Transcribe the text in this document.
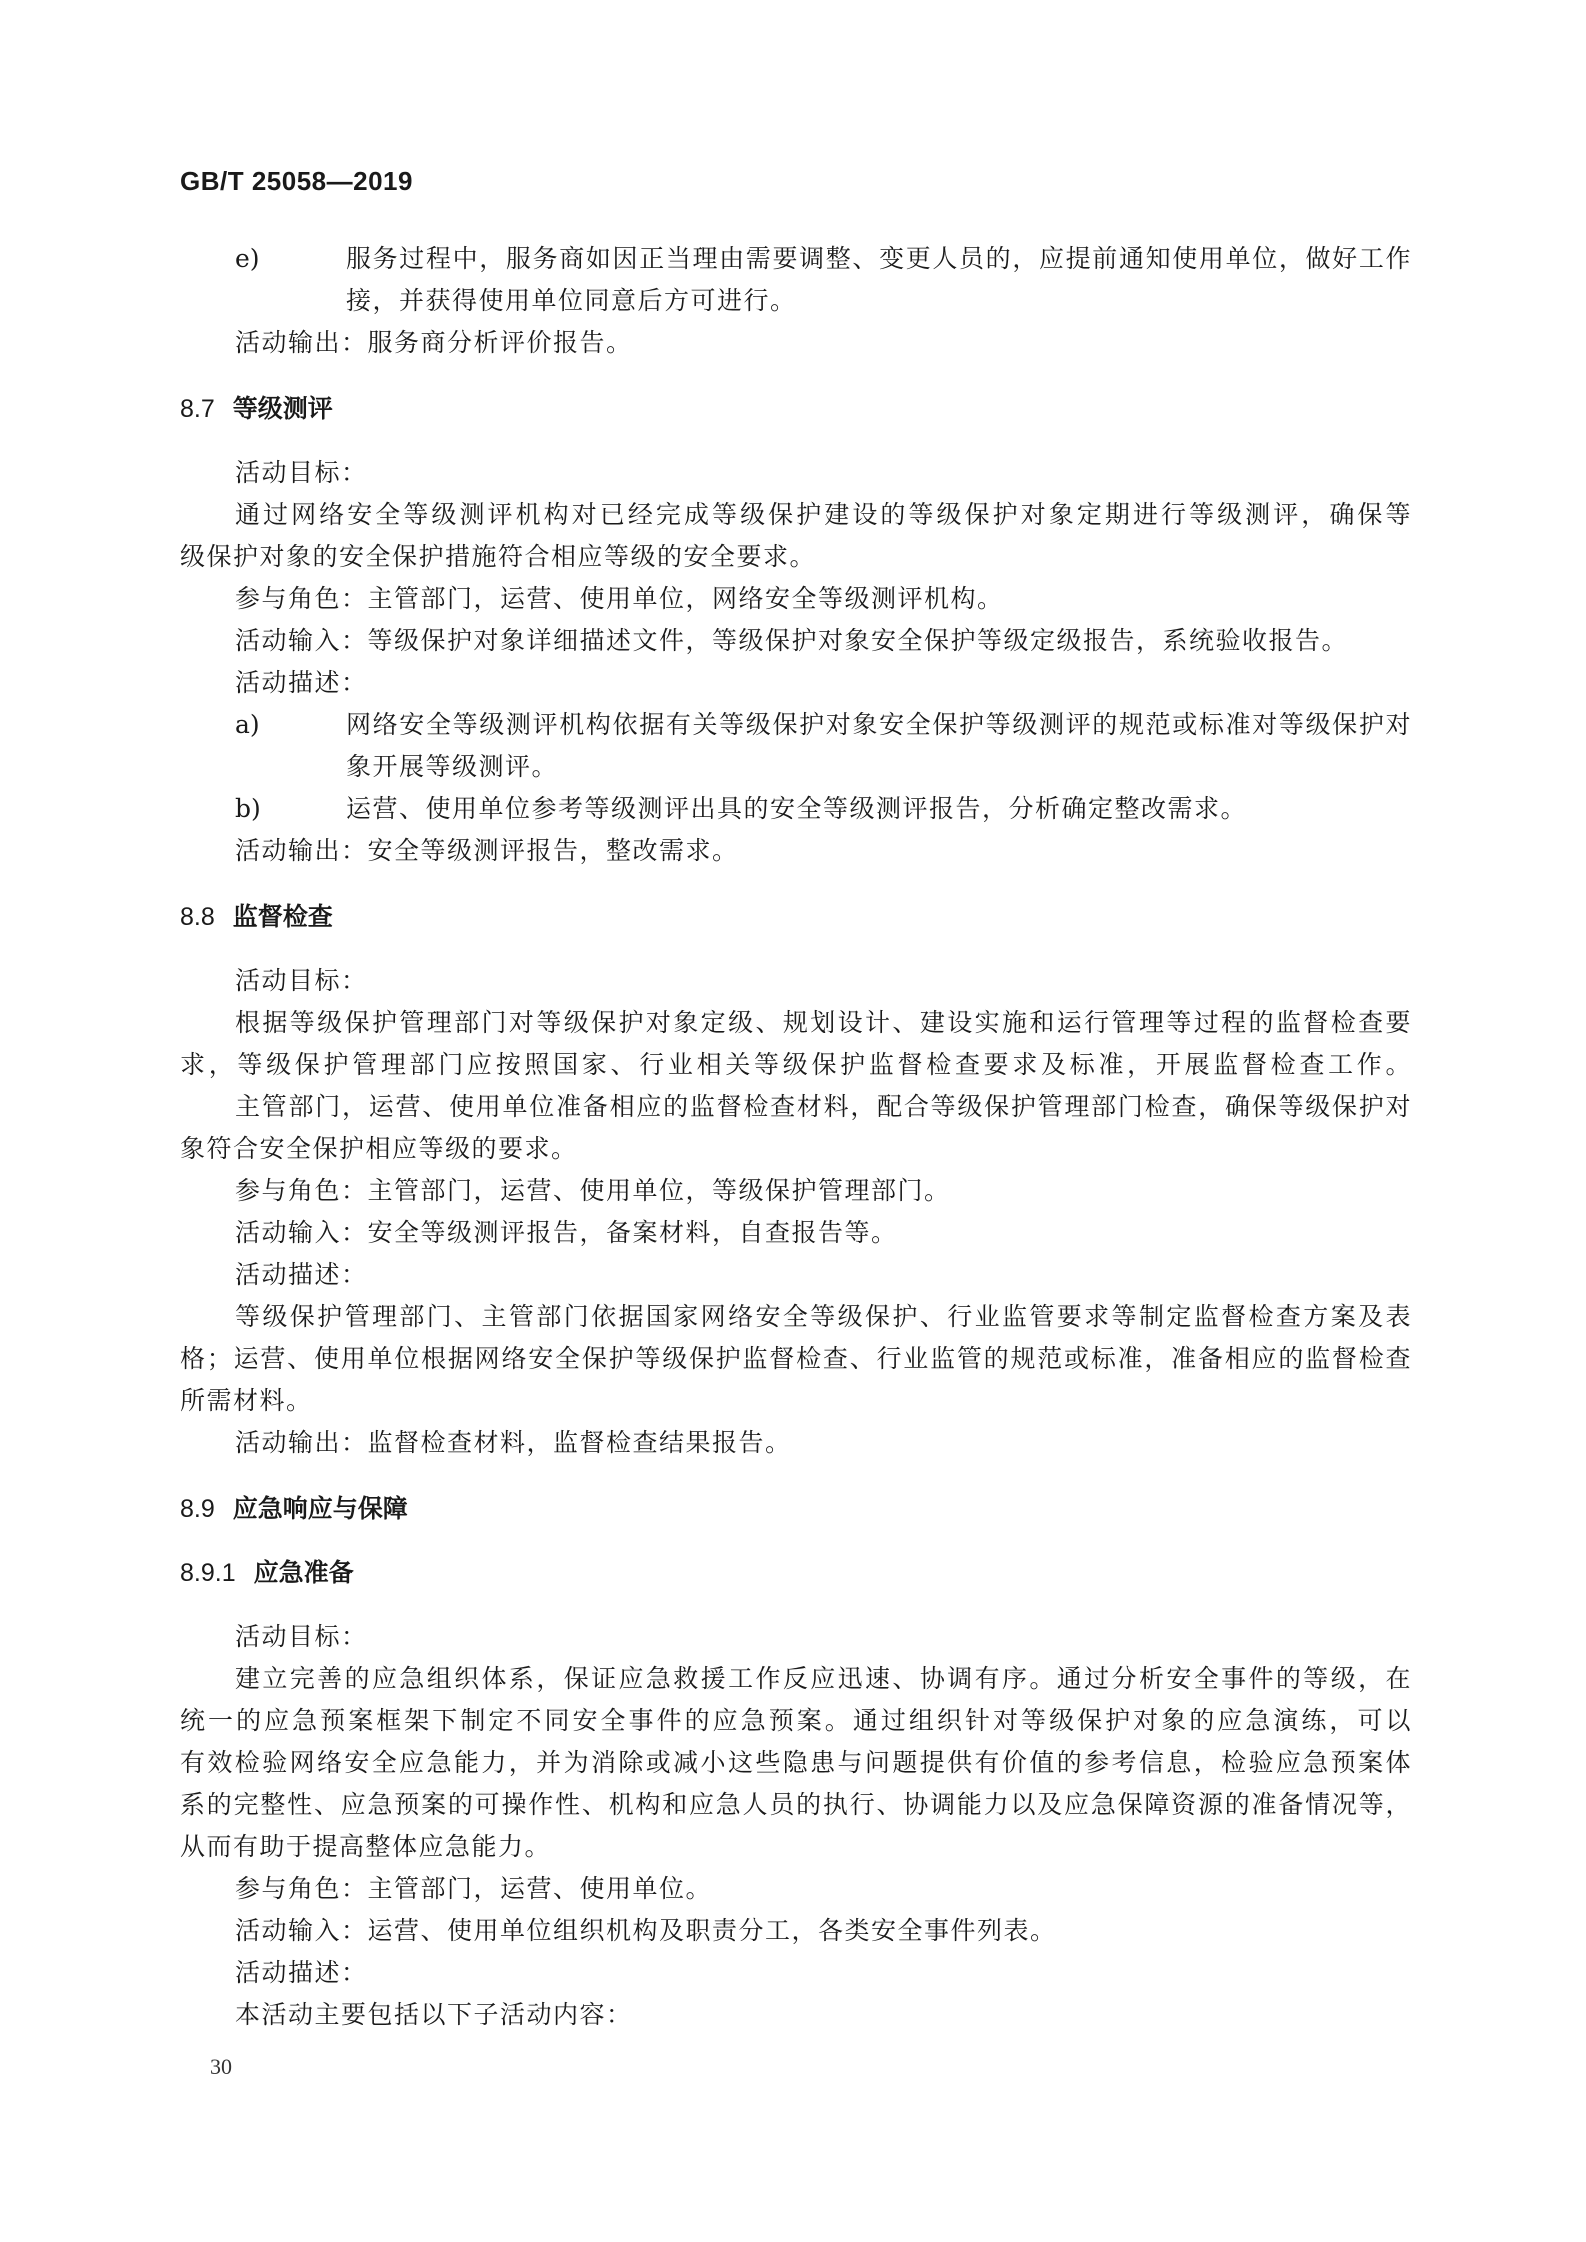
GB/T 25058—2019
e)	服务过程中，服务商如因正当理由需要调整、变更人员的，应提前通知使用单位，做好工作
接，并获得使用单位同意后方可进行。
活动输出：服务商分析评价报告。
8.7 等级测评
活动目标：
通过网络安全等级测评机构对已经完成等级保护建设的等级保护对象定期进行等级测评，确保等
级保护对象的安全保护措施符合相应等级的安全要求。
参与角色：主管部门，运营、使用单位，网络安全等级测评机构。
活动输入：等级保护对象详细描述文件，等级保护对象安全保护等级定级报告，系统验收报告。
活动描述：
a)	网络安全等级测评机构依据有关等级保护对象安全保护等级测评的规范或标准对等级保护对
象开展等级测评。
b)	运营、使用单位参考等级测评出具的安全等级测评报告，分析确定整改需求。
活动输出：安全等级测评报告，整改需求。
8.8 监督检查
活动目标：
根据等级保护管理部门对等级保护对象定级、规划设计、建设实施和运行管理等过程的监督检查要
求，等级保护管理部门应按照国家、行业相关等级保护监督检查要求及标准，开展监督检查工作。
主管部门，运营、使用单位准备相应的监督检查材料，配合等级保护管理部门检查，确保等级保护对
象符合安全保护相应等级的要求。
参与角色：主管部门，运营、使用单位，等级保护管理部门。
活动输入：安全等级测评报告，备案材料，自查报告等。
活动描述：
等级保护管理部门、主管部门依据国家网络安全等级保护、行业监管要求等制定监督检查方案及表
格；运营、使用单位根据网络安全保护等级保护监督检查、行业监管的规范或标准，准备相应的监督检查
所需材料。
活动输出：监督检查材料，监督检查结果报告。
8.9 应急响应与保障
8.9.1 应急准备
活动目标：
建立完善的应急组织体系，保证应急救援工作反应迅速、协调有序。通过分析安全事件的等级，在
统一的应急预案框架下制定不同安全事件的应急预案。通过组织针对等级保护对象的应急演练，可以
有效检验网络安全应急能力，并为消除或减小这些隐患与问题提供有价值的参考信息，检验应急预案体
系的完整性、应急预案的可操作性、机构和应急人员的执行、协调能力以及应急保障资源的准备情况等，
从而有助于提高整体应急能力。
参与角色：主管部门，运营、使用单位。
活动输入：运营、使用单位组织机构及职责分工，各类安全事件列表。
活动描述：
本活动主要包括以下子活动内容：
30
